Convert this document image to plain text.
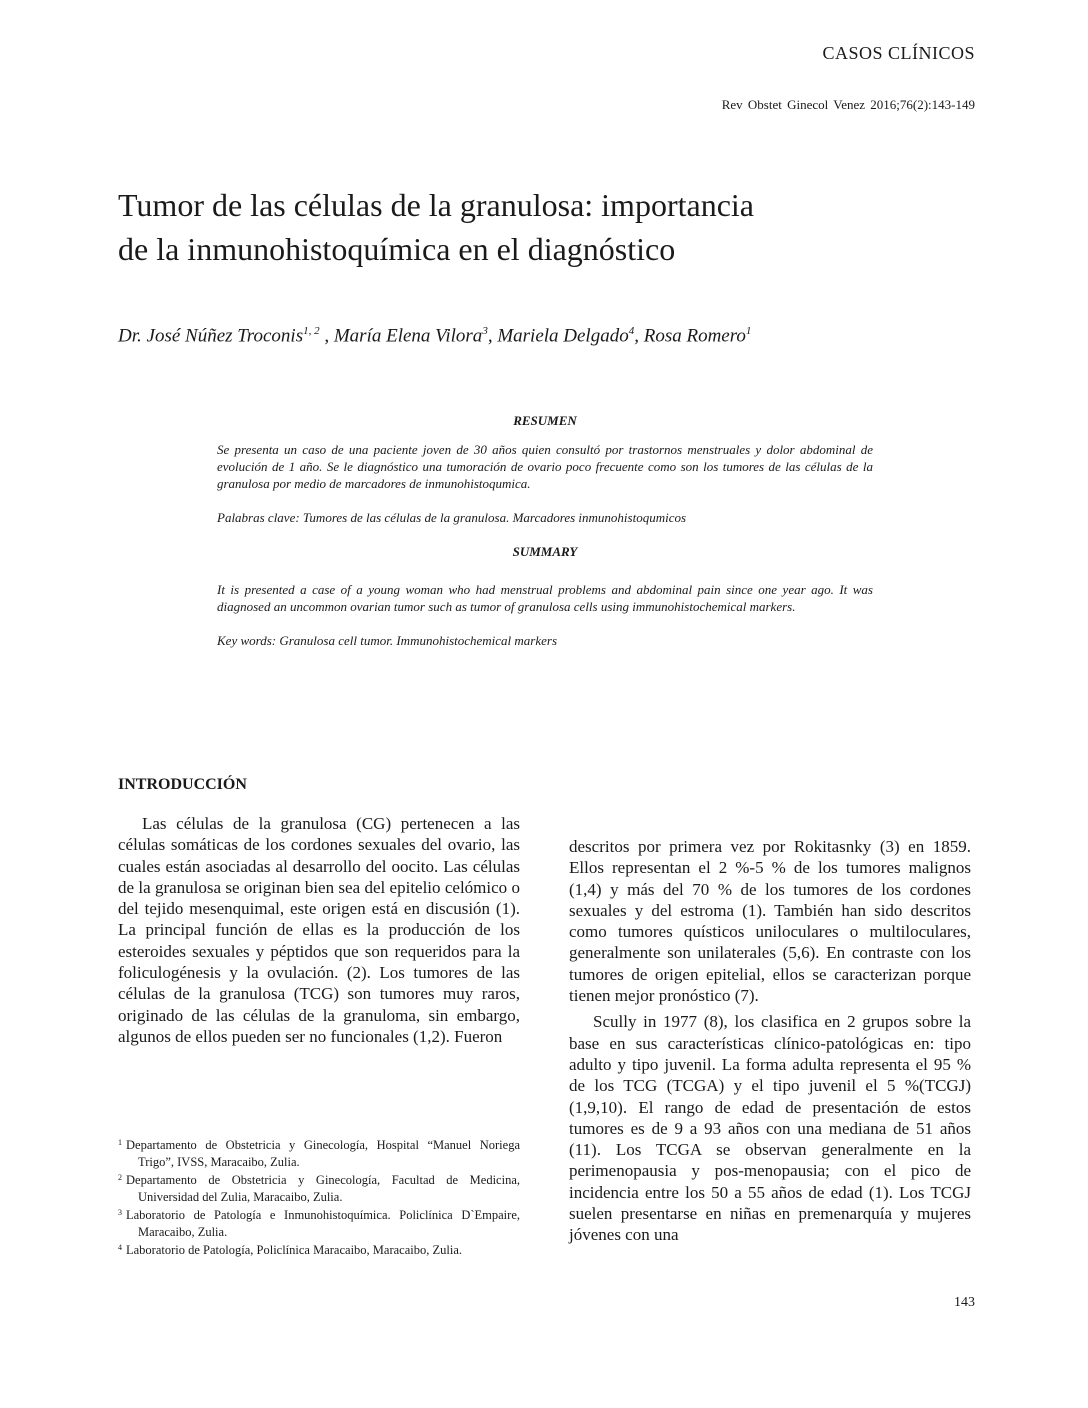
CASOS CLÍNICOS
Rev Obstet Ginecol Venez 2016;76(2):143-149
Tumor de las células de la granulosa: importancia
de la inmunohistoquímica en el diagnóstico
Dr. José Núñez Troconis$^{1, 2}$ , María Elena Vilora$^3$, Mariela Delgado$^4$, Rosa Romero$^1$
RESUMEN

Se presenta un caso de una paciente joven de 30 años quien consultó por trastornos menstruales y dolor abdominal de evolución de 1 año. Se le diagnóstico una tumoración de ovario poco frecuente como son los tumores de las células de la granulosa por medio de marcadores de inmunohistoqumica.

Palabras clave: Tumores de las células de la granulosa. Marcadores inmunohistoqumicos

SUMMARY

It is presented a case of a young woman who had menstrual problems and abdominal pain since one year ago. It was diagnosed an uncommon ovarian tumor such as tumor of granulosa cells using immunohistochemical markers.

Key words: Granulosa cell tumor. Immunohistochemical markers

INTRODUCCIÓN

Las células de la granulosa (CG) pertenecen a las células somáticas de los cordones sexuales del ovario, las cuales están asociadas al desarrollo del oocito. Las células de la granulosa se originan bien sea del epitelio celómico o del tejido mesenquimal, este origen está en discusión (1). La principal función de ellas es la producción de los esteroides sexuales y péptidos que son requeridos para la foliculogénesis y la ovulación. (2). Los tumores de las células de la granulosa (TCG) son tumores muy raros, originado de las células de la granuloma, sin embargo, algunos de ellos pueden ser no funcionales (1,2). Fueron

descritos por primera vez por Rokitasnky (3) en 1859. Ellos representan el 2 %-5 % de los tumores malignos (1,4) y más del 70 % de los tumores de los cordones sexuales y del estroma (1). También han sido descritos como tumores quísticos uniloculares o multiloculares, generalmente son unilaterales (5,6). En contraste con los tumores de origen epitelial, ellos se caracterizan porque tienen mejor pronóstico (7).

Scully in 1977 (8), los clasifica en 2 grupos sobre la base en sus características clínico-patológicas en: tipo adulto y tipo juvenil. La forma adulta representa el 95 % de los TCG (TCGA) y el tipo juvenil el 5 %(TCGJ) (1,9,10). El rango de edad de presentación de estos tumores es de 9 a 93 años con una mediana de 51 años (11). Los TCGA se observan generalmente en la perimenopausia y pos-menopausia; con el pico de incidencia entre los 50 a 55 años de edad (1). Los TCGJ suelen presentarse en niñas en premenarquía y mujeres jóvenes con una

1 Departamento de Obstetricia y Ginecología, Hospital “Manuel Noriega Trigo”, IVSS, Maracaibo, Zulia.
2 Departamento de Obstetricia y Ginecología, Facultad de Medicina, Universidad del Zulia, Maracaibo, Zulia.
3 Laboratorio de Patología e Inmunohistoquímica. Policlínica D`Empaire, Maracaibo, Zulia.
4 Laboratorio de Patología, Policlínica Maracaibo, Maracaibo, Zulia.
143
